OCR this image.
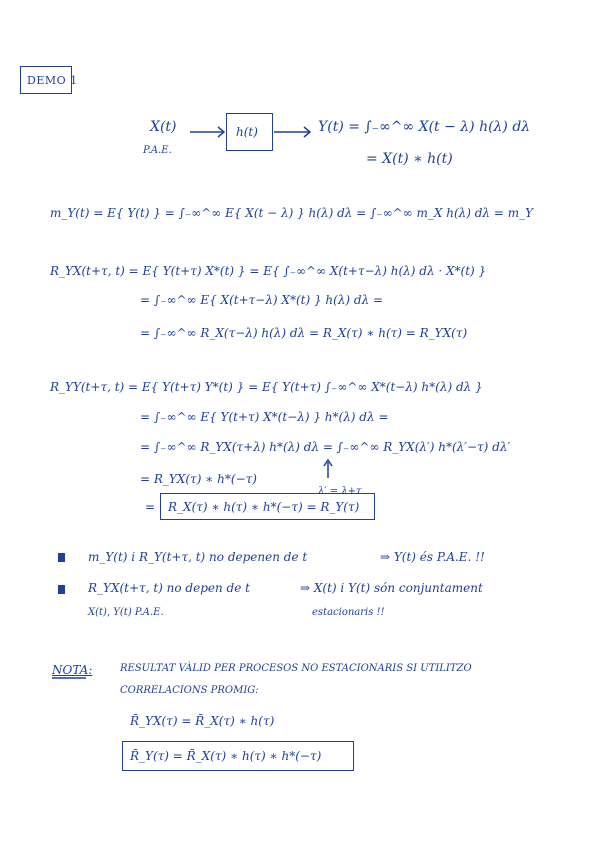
DEMO 1
X(t)
P.A.E.
h(t)	Y(t) = ∫₋∞^∞ X(t − λ) h(λ) dλ
= X(t) ∗ h(t)
m_Y(t) = E{ Y(t) } = ∫₋∞^∞ E{ X(t − λ) } h(λ) dλ = ∫₋∞^∞ m_X h(λ) dλ = m_Y
R_YX(t+τ, t) = E{ Y(t+τ) X*(t) } = E{ ∫₋∞^∞ X(t+τ−λ) h(λ) dλ · X*(t) }
= ∫₋∞^∞ E{ X(t+τ−λ) X*(t) } h(λ) dλ =
= ∫₋∞^∞ R_X(τ−λ) h(λ) dλ = R_X(τ) ∗ h(τ) = R_YX(τ)
R_YY(t+τ, t) = E{ Y(t+τ) Y*(t) } = E{ Y(t+τ) ∫₋∞^∞ X*(t−λ) h*(λ) dλ }
= ∫₋∞^∞ E{ Y(t+τ) X*(t−λ) } h*(λ) dλ =
= ∫₋∞^∞ R_YX(τ+λ) h*(λ) dλ = ∫₋∞^∞ R_YX(λ′) h*(λ′−τ) dλ′
= R_YX(τ) ∗ h*(−τ)
λ′ = λ+τ
= R_X(τ) ∗ h(τ) ∗ h*(−τ) = R_Y(τ)
m_Y(t) i R_Y(t+τ, t) no depenen de t	⇒ Y(t) és P.A.E. !!
R_YX(t+τ, t) no depen de t
X(t), Y(t) P.A.E.
⇒ X(t) i Y(t) són conjuntament
estacionaris !!
NOTA:	RESULTAT VÀLID PER PROCESOS NO ESTACIONARIS SI UTILITZO
CORRELACIONS PROMIG:
R̄_YX(τ) = R̄_X(τ) ∗ h(τ)
R̄_Y(τ) = R̄_X(τ) ∗ h(τ) ∗ h*(−τ)
